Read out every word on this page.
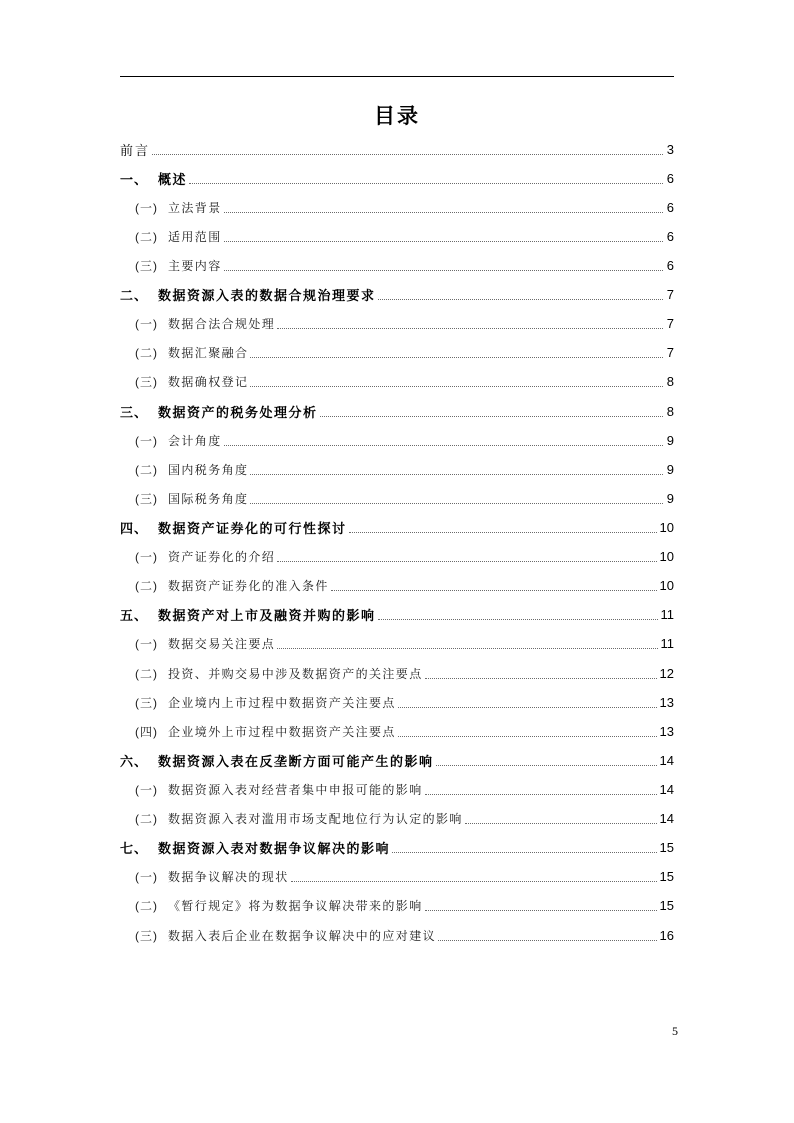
目录
前言	3
一、 概述	6
(一) 立法背景	6
(二) 适用范围	6
(三) 主要内容	6
二、 数据资源入表的数据合规治理要求	7
(一) 数据合法合规处理	7
(二) 数据汇聚融合	7
(三) 数据确权登记	8
三、 数据资产的税务处理分析	8
(一) 会计角度	9
(二) 国内税务角度	9
(三) 国际税务角度	9
四、 数据资产证券化的可行性探讨	10
(一) 资产证券化的介绍	10
(二) 数据资产证券化的准入条件	10
五、 数据资产对上市及融资并购的影响	11
(一) 数据交易关注要点	11
(二) 投资、并购交易中涉及数据资产的关注要点	12
(三) 企业境内上市过程中数据资产关注要点	13
(四) 企业境外上市过程中数据资产关注要点	13
六、 数据资源入表在反垄断方面可能产生的影响	14
(一) 数据资源入表对经营者集中申报可能的影响	14
(二) 数据资源入表对滥用市场支配地位行为认定的影响	14
七、 数据资源入表对数据争议解决的影响	15
(一) 数据争议解决的现状	15
(二) 《暂行规定》将为数据争议解决带来的影响	15
(三) 数据入表后企业在数据争议解决中的应对建议	16
5
